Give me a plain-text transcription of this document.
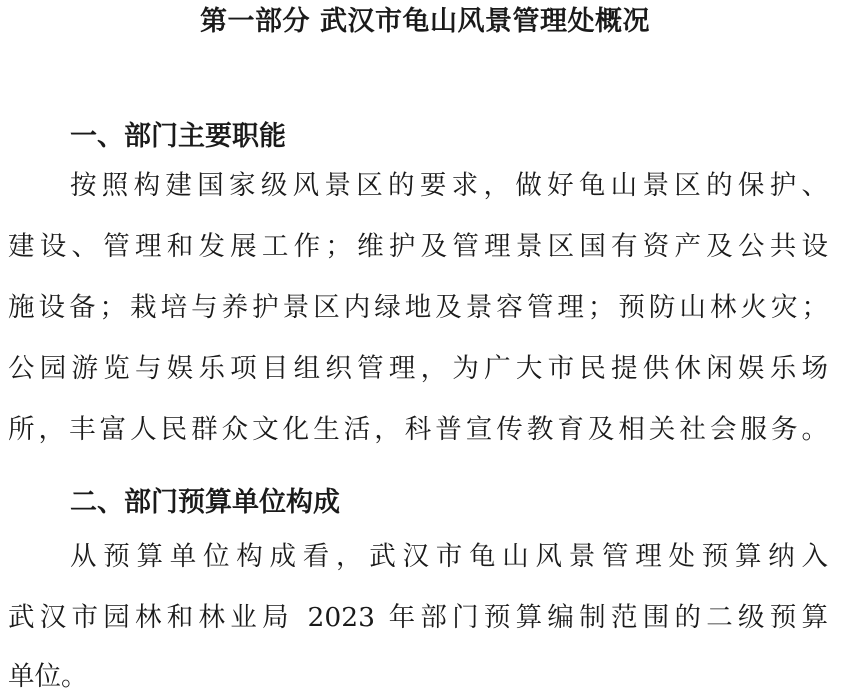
第一部分 武汉市龟山风景管理处概况
一、部门主要职能
按照构建国家级风景区的要求，做好龟山景区的保护、
建设、管理和发展工作；维护及管理景区国有资产及公共设
施设备；栽培与养护景区内绿地及景容管理；预防山林火灾；
公园游览与娱乐项目组织管理，为广大市民提供休闲娱乐场
所，丰富人民群众文化生活，科普宣传教育及相关社会服务。
二、部门预算单位构成
从预算单位构成看，武汉市龟山风景管理处预算纳入
武汉市园林和林业局 2023 年部门预算编制范围的二级预算
单位。
